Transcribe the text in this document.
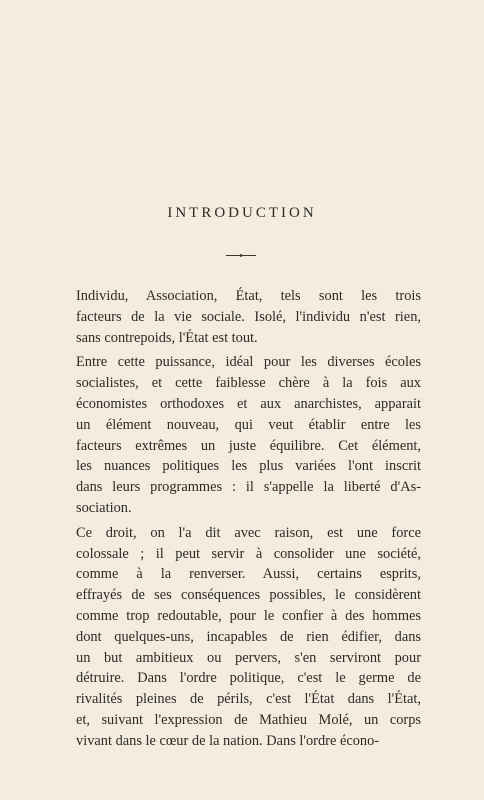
INTRODUCTION

Individu, Association, État, tels sont les trois
facteurs de la vie sociale. Isolé, l'individu n'est rien,
sans contrepoids, l'État est tout.

Entre cette puissance, idéal pour les diverses écoles
socialistes, et cette faiblesse chère à la fois aux
économistes orthodoxes et aux anarchistes, apparait
un élément nouveau, qui veut établir entre les
facteurs extrêmes un juste équilibre. Cet élément,
les nuances politiques les plus variées l'ont inscrit
dans leurs programmes : il s'appelle la liberté d'As-
sociation.

Ce droit, on l'a dit avec raison, est une force
colossale ; il peut servir à consolider une société,
comme à la renverser. Aussi, certains esprits,
effrayés de ses conséquences possibles, le considèrent
comme trop redoutable, pour le confier à des hommes
dont quelques-uns, incapables de rien édifier, dans
un but ambitieux ou pervers, s'en serviront pour
détruire. Dans l'ordre politique, c'est le germe de
rivalités pleines de périls, c'est l'État dans l'État,
et, suivant l'expression de Mathieu Molé, un corps
vivant dans le cœur de la nation. Dans l'ordre écono-
